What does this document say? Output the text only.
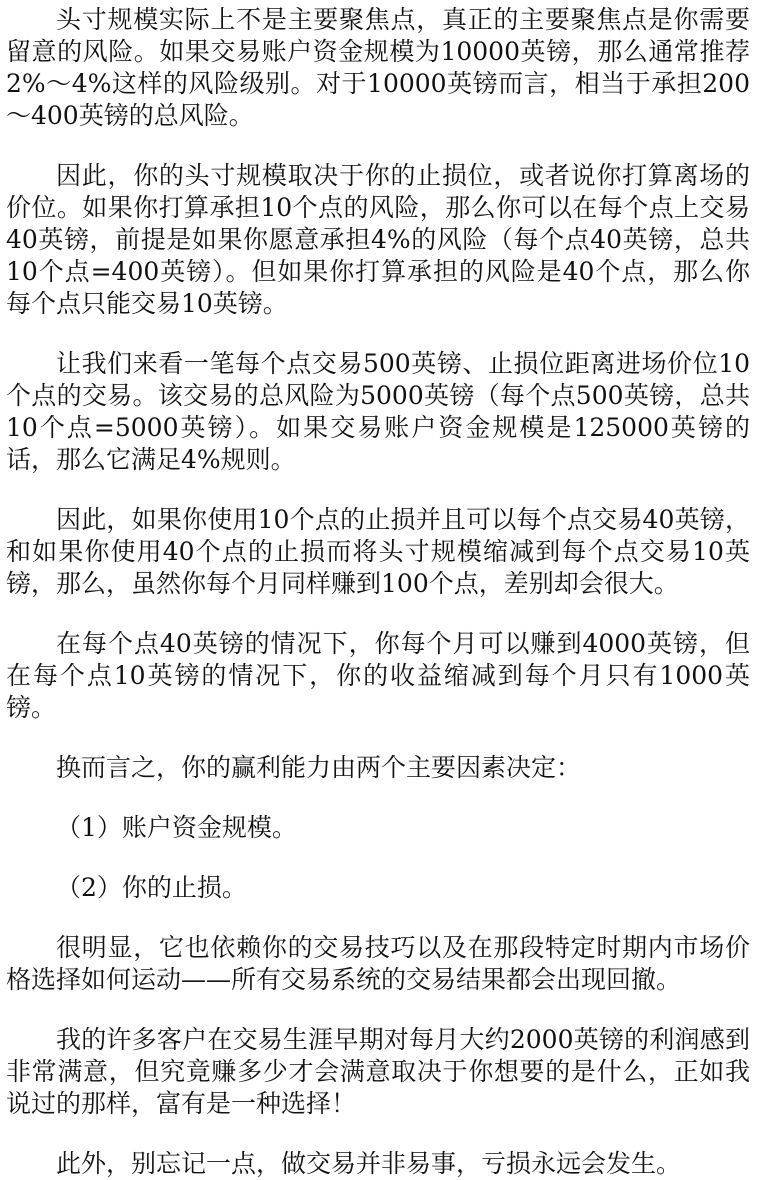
头寸规模实际上不是主要聚焦点，真正的主要聚焦点是你需要留意的风险。如果交易账户资金规模为10000英镑，那么通常推荐2%～4%这样的风险级别。对于10000英镑而言，相当于承担200～400英镑的总风险。

因此，你的头寸规模取决于你的止损位，或者说你打算离场的价位。如果你打算承担10个点的风险，那么你可以在每个点上交易40英镑，前提是如果你愿意承担4%的风险（每个点40英镑，总共10个点=400英镑）。但如果你打算承担的风险是40个点，那么你每个点只能交易10英镑。

让我们来看一笔每个点交易500英镑、止损位距离进场价位10个点的交易。该交易的总风险为5000英镑（每个点500英镑，总共10个点=5000英镑）。如果交易账户资金规模是125000英镑的话，那么它满足4%规则。

因此，如果你使用10个点的止损并且可以每个点交易40英镑，和如果你使用40个点的止损而将头寸规模缩减到每个点交易10英镑，那么，虽然你每个月同样赚到100个点，差别却会很大。

在每个点40英镑的情况下，你每个月可以赚到4000英镑，但在每个点10英镑的情况下，你的收益缩减到每个月只有1000英镑。

换而言之，你的赢利能力由两个主要因素决定：

（1）账户资金规模。

（2）你的止损。

很明显，它也依赖你的交易技巧以及在那段特定时期内市场价格选择如何运动——所有交易系统的交易结果都会出现回撤。

我的许多客户在交易生涯早期对每月大约2000英镑的利润感到非常满意，但究竟赚多少才会满意取决于你想要的是什么，正如我说过的那样，富有是一种选择！

此外，别忘记一点，做交易并非易事，亏损永远会发生。
